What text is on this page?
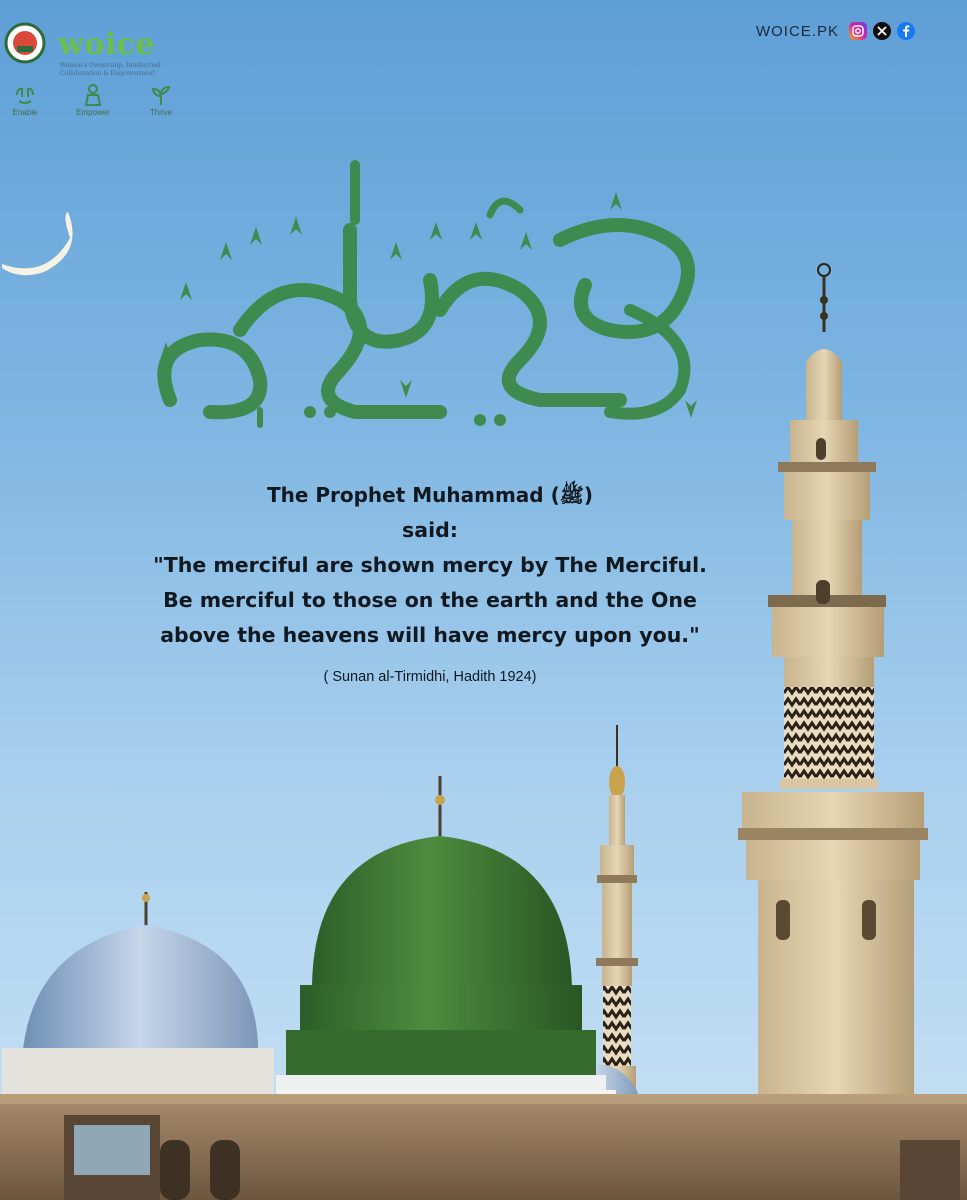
woice
Women's Ownership, Intellectual Collaboration & Empowerment
Enable	Empower	Thrive
WOICE.PK
The Prophet Muhammad (ﷺ)
said:
"The merciful are shown mercy by The Merciful.
Be merciful to those on the earth and the One
above the heavens will have mercy upon you."
( Sunan al-Tirmidhi, Hadith 1924)
